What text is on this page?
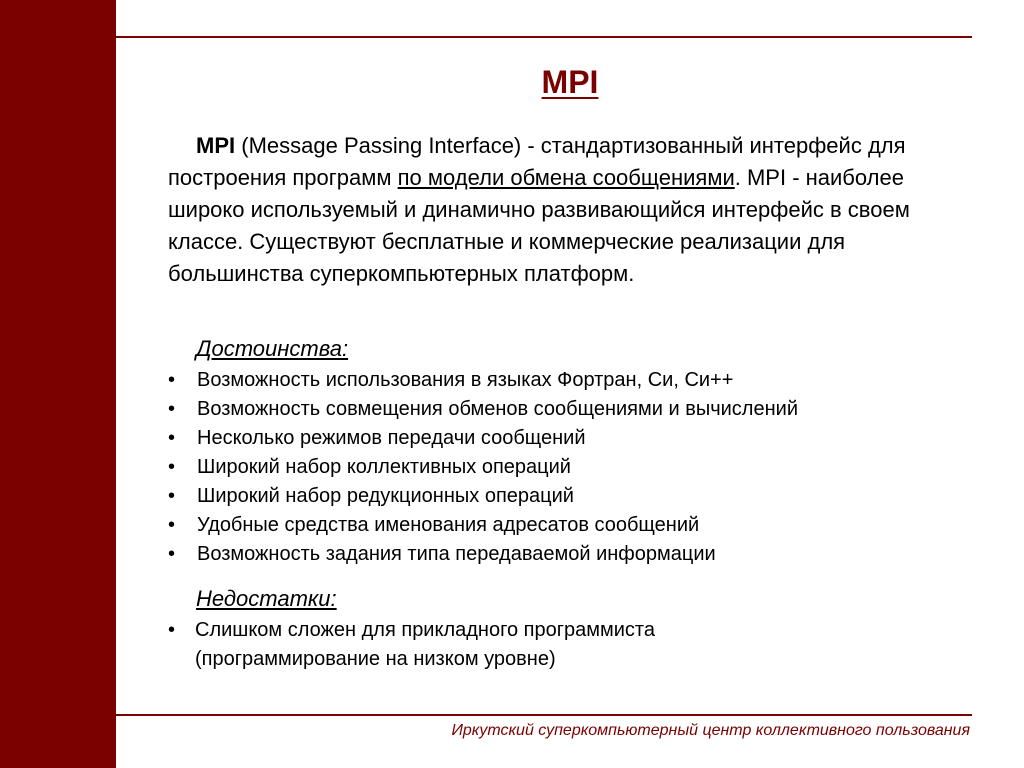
MPI
MPI (Message Passing Interface) - стандартизованный интерфейс для построения программ по модели обмена сообщениями. MPI - наиболее широко используемый и динамично развивающийся интерфейс в своем классе. Существуют бесплатные и коммерческие реализации для большинства суперкомпьютерных платформ.
Достоинства:
• Возможность использования в языках Фортран, Си, Си++
• Возможность совмещения обменов сообщениями и вычислений
• Несколько режимов передачи сообщений
• Широкий набор коллективных операций
• Широкий набор редукционных операций
• Удобные средства именования адресатов сообщений
• Возможность задания типа передаваемой информации
Недостатки:
• Слишком сложен для прикладного программиста (программирование на низком уровне)
Иркутский суперкомпьютерный центр коллективного пользования
